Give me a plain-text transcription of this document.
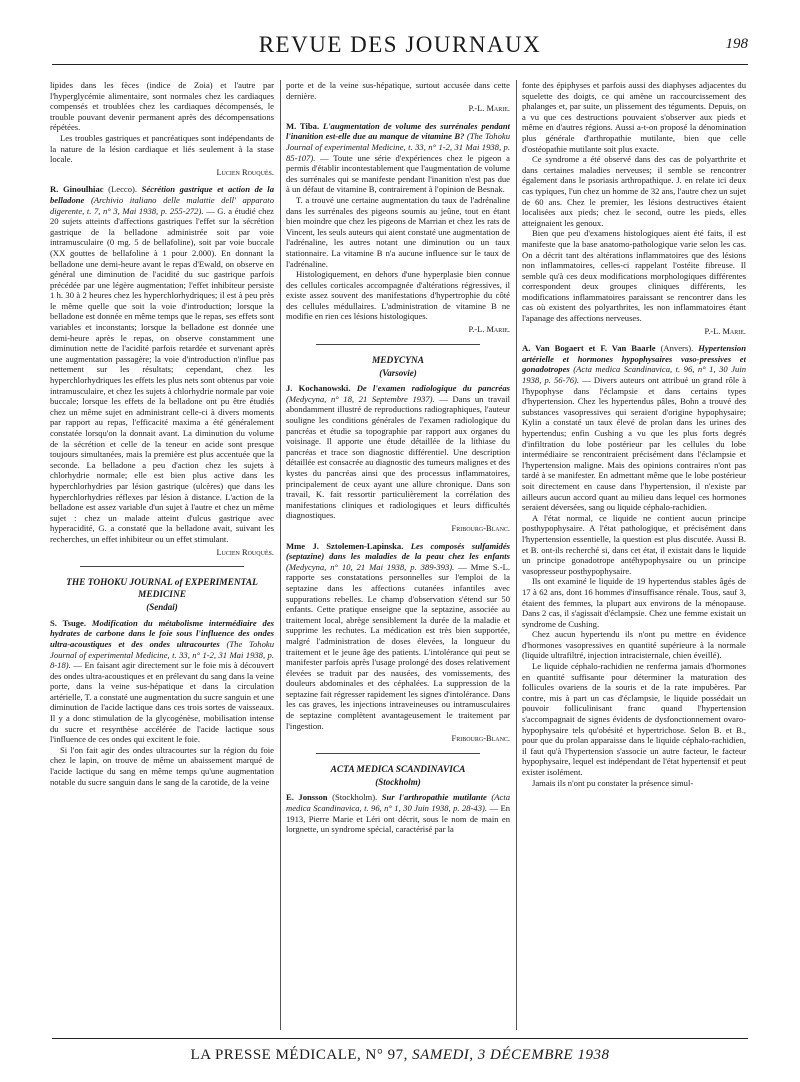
REVUE DES JOURNAUX	198

lipides dans les fèces (indice de Zoia) et l'autre par l'hyperglycémie alimentaire, sont normales chez les cardiaques compensés et troublées chez les cardiaques décompensés, le trouble pouvant devenir permanent après des décompensations répétées.

Les troubles gastriques et pancréatiques sont indépendants de la nature de la lésion cardiaque et liés seulement à la stase locale.

Lucien Rouquès.

R. Ginoulhiac (Lecco). Sécrétion gastrique et action de la belladone (Archivio italiano delle malattie dell' apparato digerente, t. 7, n° 3, Mai 1938, p. 255-272). — G. a étudié chez 20 sujets atteints d'affections gastriques l'effet sur la sécrétion gastrique de la belladone administrée soit par voie intramusculaire (0 mg. 5 de bellafoline), soit par voie buccale (XX gouttes de bellafoline à 1 pour 2.000). En donnant la belladone une demi-heure avant le repas d'Ewald, on observe en général une diminution de l'acidité du suc gastrique parfois précédée par une légère augmentation; l'effet inhibiteur persiste 1 h. 30 à 2 heures chez les hyperchlorhydriques; il est à peu près le même quelle que soit la voie d'introduction; lorsque la belladone est donnée en même temps que le repas, ses effets sont variables et inconstants; lorsque la belladone est donnée une demi-heure après le repas, on observe constamment une diminution nette de l'acidité parfois retardée et survenant après une augmentation passagère; la voie d'introduction n'influe pas nettement sur les résultats; cependant, chez les hyperchlorhydriques les effets les plus nets sont obtenus par voie intramusculaire, et chez les sujets à chlorhydrie normale par voie buccale; lorsque les effets de la belladone ont pu être étudiés chez un même sujet en administrant celle-ci à divers moments par rapport au repas, l'efficacité maxima a été généralement constatée lorsqu'on la donnait avant. La diminution du volume de la sécrétion et celle de la teneur en acide sont presque toujours simultanées, mais la première est plus accentuée que la seconde. La belladone a peu d'action chez les sujets à chlorhydrie normale; elle est bien plus active dans les hyperchlorhydries par lésion gastrique (ulcères) que dans les hyperchlorhydries réflexes par lésion à distance. L'action de la belladone est assez variable d'un sujet à l'autre et chez un même sujet : chez un malade atteint d'ulcus gastrique avec hyperacidité, G. a constaté que la belladone avait, suivant les recherches, un effet inhibiteur ou un effet stimulant.

Lucien Rouquès.

THE TOHOKU JOURNAL of EXPERIMENTAL MEDICINE

(Sendai)

S. Tsuge. Modification du métabolisme intermédiaire des hydrates de carbone dans le foie sous l'influence des ondes ultra-acoustiques et des ondes ultracourtes (The Tohoku Journal of experimental Medicine, t. 33, n° 1-2, 31 Mai 1938, p. 8-18). — En faisant agir directement sur le foie mis à découvert des ondes ultra-acoustiques et en prélevant du sang dans la veine porte, dans la veine sus-hépatique et dans la circulation artérielle, T. a constaté une augmentation du sucre sanguin et une diminution de l'acide lactique dans ces trois sortes de vaisseaux. Il y a donc stimulation de la glycogénèse, mobilisation intense du sucre et resynthèse accélérée de l'acide lactique sous l'influence de ces ondes qui excitent le foie.

Si l'on fait agir des ondes ultracourtes sur la région du foie chez le lapin, on trouve de même un abaissement marqué de l'acide lactique du sang en même temps qu'une augmentation notable du sucre sanguin dans le sang de la carotide, de la veine

porte et de la veine sus-hépatique, surtout accusée dans cette dernière.

P.-L. Marie.

M. Tiba. L'augmentation de volume des surrénales pendant l'inanition est-elle due au manque de vitamine B? (The Tohoku Journal of experimental Medicine, t. 33, n° 1-2, 31 Mai 1938, p. 85-107). — Toute une série d'expériences chez le pigeon a permis d'établir incontestablement que l'augmentation de volume des surrénales qui se manifeste pendant l'inanition n'est pas due à un défaut de vitamine B, contrairement à l'opinion de Besnak.

T. a trouvé une certaine augmentation du taux de l'adrénaline dans les surrénales des pigeons soumis au jeûne, tout en étant bien moindre que chez les pigeons de Marrian et chez les rats de Vincent, les seuls auteurs qui aient constaté une augmentation de l'adrénaline, les autres notant une diminution ou un taux stationnaire. La vitamine B n'a aucune influence sur le taux de l'adrénaline.

Histologiquement, en dehors d'une hyperplasie bien connue des cellules corticales accompagnée d'altérations régressives, il existe assez souvent des manifestations d'hypertrophie du côté des cellules médullaires. L'administration de vitamine B ne modifie en rien ces lésions histologiques.

P.-L. Marie.

MEDYCYNA

(Varsovie)

J. Kochanowski. De l'examen radiologique du pancréas (Medycyna, n° 18, 21 Septembre 1937). — Dans un travail abondamment illustré de reproductions radiographiques, l'auteur souligne les conditions générales de l'examen radiologique du pancréas et étudie sa topographie par rapport aux organes du voisinage. Il apporte une étude détaillée de la lithiase du pancréas et trace son diagnostic différentiel. Une description détaillée est consacrée au diagnostic des tumeurs malignes et des kystes du pancréas ainsi que des processus inflammatoires, principalement de ceux ayant une allure chronique. Dans son travail, K. fait ressortir particulièrement la corrélation des manifestations cliniques et radiologiques et leurs difficultés diagnostiques.

Fribourg-Blanc.

Mme J. Sztolemen-Lapinska. Les composés sulfamidés (septazine) dans les maladies de la peau chez les enfants (Medycyna, n° 10, 21 Mai 1938, p. 389-393). — Mme S.-L. rapporte ses constatations personnelles sur l'emploi de la septazine dans les affections cutanées infantiles avec suppurations rebelles. Le champ d'observation s'étend sur 50 enfants. Cette pratique enseigne que la septazine, associée au traitement local, abrège sensiblement la durée de la maladie et supprime les rechutes. La médication est très bien supportée, malgré l'administration de doses élevées, la longueur du traitement et le jeune âge des patients. L'intolérance qui peut se manifester parfois après l'usage prolongé des doses relativement élevées se traduit par des nausées, des vomissements, des douleurs abdominales et des céphalées. La suppression de la septazine fait régresser rapidement les signes d'intolérance. Dans les cas graves, les injections intraveineuses ou intramusculaires de septazine complètent avantageusement le traitement par l'ingestion.

Fribourg-Blanc.

ACTA MEDICA SCANDINAVICA

(Stockholm)

E. Jonsson (Stockholm). Sur l'arthropathie mutilante (Acta medica Scandinavica, t. 96, n° 1, 30 Juin 1938, p. 28-43). — En 1913, Pierre Marie et Léri ont décrit, sous le nom de main en lorgnette, un syndrome spécial, caractérisé par la

fonte des épiphyses et parfois aussi des diaphyses adjacentes du squelette des doigts, ce qui amène un raccourcissement des phalanges et, par suite, un plissement des téguments. Depuis, on a vu que ces destructions pouvaient s'observer aux pieds et même en d'autres régions. Aussi a-t-on proposé la dénomination plus générale d'arthropathie mutilante, bien que celle d'ostéopathie mutilante soit plus exacte.

Ce syndrome a été observé dans des cas de polyarthrite et dans certaines maladies nerveuses; il semble se rencontrer également dans le psoriasis arthropathique. J. en relate ici deux cas typiques, l'un chez un homme de 32 ans, l'autre chez un sujet de 60 ans. Chez le premier, les lésions destructives étaient localisées aux pieds; chez le second, outre les pieds, elles atteignaient les genoux.

Bien que peu d'examens histologiques aient été faits, il est manifeste que la base anatomo-pathologique varie selon les cas. On a décrit tant des altérations inflammatoires que des lésions non inflammatoires, celles-ci rappelant l'ostéite fibreuse. Il semble qu'à ces deux modifications morphologiques différentes correspondent deux groupes cliniques différents, les modifications inflammatoires paraissant se rencontrer dans les cas où existent des polyarthrites, les non inflammatoires étant l'apanage des affections nerveuses.

P.-L. Marie.

A. Van Bogaert et F. Van Baarle (Anvers). Hypertension artérielle et hormones hypophysaires vaso-pressives et gonadotropes (Acta medica Scandinavica, t. 96, n° 1, 30 Juin 1938, p. 56-76). — Divers auteurs ont attribué un grand rôle à l'hypophyse dans l'éclampsie et dans certains types d'hypertension. Chez les hypertendus pâles, Bohn a trouvé des substances vasopressives qui seraient d'origine hypophysaire; Kylin a constaté un taux élevé de prolan dans les urines des hypertendus; enfin Cushing a vu que les plus forts degrés d'infiltration du lobe postérieur par les cellules du lobe intermédiaire se rencontraient précisément dans l'éclampsie et l'hypertension maligne. Mais des opinions contraires n'ont pas tardé à se manifester. En admettant même que le lobe postérieur soit directement en cause dans l'hypertension, il n'existe par ailleurs aucun accord quant au milieu dans lequel ces hormones seraient déversées, sang ou liquide céphalo-rachidien.

A l'état normal, ce liquide ne contient aucun principe posthypophysaire. A l'état pathologique, et précisément dans l'hypertension essentielle, la question est plus discutée. Aussi B. et B. ont-ils recherché si, dans cet état, il existait dans le liquide un principe gonadotrope antéhypophysaire ou un principe vasopresseur posthypophysaire.

Ils ont examiné le liquide de 19 hypertendus stables âgés de 17 à 62 ans, dont 16 hommes d'insuffisance rénale. Tous, sauf 3, étaient des femmes, la plupart aux environs de la ménopause. Dans 2 cas, il s'agissait d'éclampsie. Chez une femme existait un syndrome de Cushing.

Chez aucun hypertendu ils n'ont pu mettre en évidence d'hormones vasopressives en quantité supérieure à la normale (liquide ultrafiltré, injection intracisternale, chien éveillé).

Le liquide céphalo-rachidien ne renferma jamais d'hormones en quantité suffisante pour déterminer la maturation des follicules ovariens de la souris et de la rate impubères. Par contre, mis à part un cas d'éclampsie, le liquide possédait un pouvoir folliculinisant franc quand l'hypertension s'accompagnait de signes évidents de dysfonctionnement ovaro-hypophysaire tels qu'obésité et hypertrichose. Selon B. et B., pour que du prolan apparaisse dans le liquide céphalo-rachidien, il faut qu'à l'hypertension s'associe un autre facteur, le facteur hypophysaire, lequel est indépendant de l'état hypertensif et peut exister isolément.

Jamais ils n'ont pu constater la présence simul-

LA PRESSE MÉDICALE, N° 97, SAMEDI, 3 DÉCEMBRE 1938
